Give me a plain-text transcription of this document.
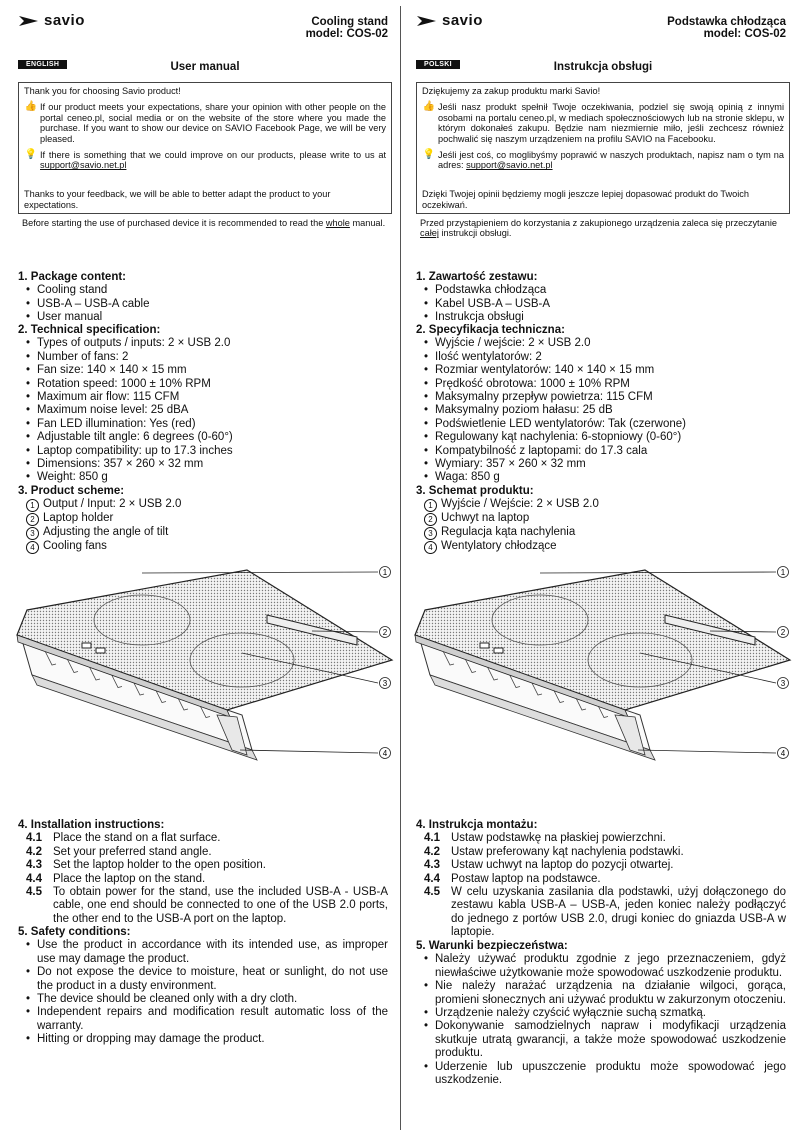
savio	Cooling stand
model: COS-02
ENGLISH	User manual
Thank you for choosing Savio product!
👍 If our product meets your expectations, share your opinion with other people on the portal ceneo.pl, social media or on the website of the store where you made the purchase. If you want to show our device on SAVIO Facebook Page, we will be very pleased.
💡 If there is something that we could improve on our products, please write to us at support@savio.net.pl
Thanks to your feedback, we will be able to better adapt the product to your expectations.
Before starting the use of purchased device it is recommended to read the whole manual.
1. Package content:
• Cooling stand
• USB-A – USB-A cable
• User manual
2. Technical specification:
• Types of outputs / inputs: 2 × USB 2.0
• Number of fans: 2
• Fan size: 140 × 140 × 15 mm
• Rotation speed: 1000 ± 10% RPM
• Maximum air flow: 115 CFM
• Maximum noise level: 25 dBA
• Fan LED illumination: Yes (red)
• Adjustable tilt angle: 6 degrees (0-60°)
• Laptop compatibility: up to 17.3 inches
• Dimensions: 357 × 260 × 32 mm
• Weight: 850 g
3. Product scheme:
1 Output / Input: 2 × USB 2.0
2 Laptop holder
3 Adjusting the angle of tilt
4 Cooling fans
1
2
3
4
4. Installation instructions:
4.1 Place the stand on a flat surface.
4.2 Set your preferred stand angle.
4.3 Set the laptop holder to the open position.
4.4 Place the laptop on the stand.
4.5 To obtain power for the stand, use the included USB-A - USB-A cable, one end should be connected to one of the USB 2.0 ports, the other end to the USB-A port on the laptop.
5. Safety conditions:
• Use the product in accordance with its intended use, as improper use may damage the product.
• Do not expose the device to moisture, heat or sunlight, do not use the product in a dusty environment.
• The device should be cleaned only with a dry cloth.
• Independent repairs and modification result automatic loss of the warranty.
• Hitting or dropping may damage the product.
savio	Podstawka chłodząca
model: COS-02
POLSKI	Instrukcja obsługi
Dziękujemy za zakup produktu marki Savio!
👍 Jeśli nasz produkt spełnił Twoje oczekiwania, podziel się swoją opinią z innymi osobami na portalu ceneo.pl, w mediach społecznościowych lub na stronie sklepu, w którym dokonałeś zakupu. Będzie nam niezmiernie miło, jeśli zechcesz również pochwalić się naszym urządzeniem na profilu SAVIO na Facebooku.
💡 Jeśli jest coś, co moglibyśmy poprawić w naszych produktach, napisz nam o tym na adres: support@savio.net.pl
Dzięki Twojej opinii będziemy mogli jeszcze lepiej dopasować produkt do Twoich oczekiwań.
Przed przystąpieniem do korzystania z zakupionego urządzenia zaleca się przeczytanie całej instrukcji obsługi.
1. Zawartość zestawu:
• Podstawka chłodząca
• Kabel USB-A – USB-A
• Instrukcja obsługi
2. Specyfikacja techniczna:
• Wyjście / wejście: 2 × USB 2.0
• Ilość wentylatorów: 2
• Rozmiar wentylatorów: 140 × 140 × 15 mm
• Prędkość obrotowa: 1000 ± 10% RPM
• Maksymalny przepływ powietrza: 115 CFM
• Maksymalny poziom hałasu: 25 dB
• Podświetlenie LED wentylatorów: Tak (czerwone)
• Regulowany kąt nachylenia: 6-stopniowy (0-60°)
• Kompatybilność z laptopami: do 17.3 cala
• Wymiary: 357 × 260 × 32 mm
• Waga: 850 g
3. Schemat produktu:
1 Wyjście / Wejście: 2 × USB 2.0
2 Uchwyt na laptop
3 Regulacja kąta nachylenia
4 Wentylatory chłodzące
1
2
3
4
4. Instrukcja montażu:
4.1 Ustaw podstawkę na płaskiej powierzchni.
4.2 Ustaw preferowany kąt nachylenia podstawki.
4.3 Ustaw uchwyt na laptop do pozycji otwartej.
4.4 Postaw laptop na podstawce.
4.5 W celu uzyskania zasilania dla podstawki, użyj dołączonego do zestawu kabla USB-A – USB-A, jeden koniec należy podłączyć do jednego z portów USB 2.0, drugi koniec do gniazda USB-A w laptopie.
5. Warunki bezpieczeństwa:
• Należy używać produktu zgodnie z jego przeznaczeniem, gdyż niewłaściwe użytkowanie może spowodować uszkodzenie produktu.
• Nie należy narażać urządzenia na działanie wilgoci, gorąca, promieni słonecznych ani używać produktu w zakurzonym otoczeniu.
• Urządzenie należy czyścić wyłącznie suchą szmatką.
• Dokonywanie samodzielnych napraw i modyfikacji urządzenia skutkuje utratą gwarancji, a także może spowodować uszkodzenie produktu.
• Uderzenie lub upuszczenie produktu może spowodować jego uszkodzenie.
